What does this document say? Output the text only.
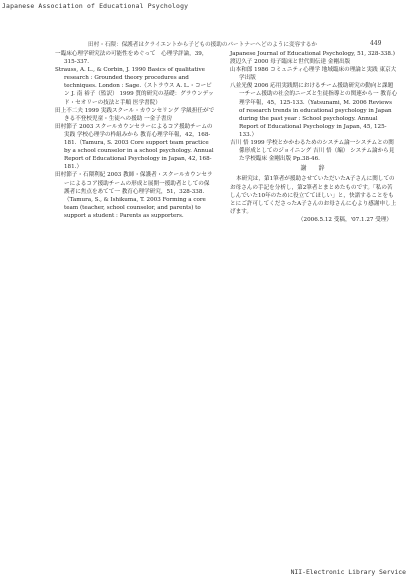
Japanese Association of Educational Psychology
田村・石隈：保護者はクライエントから子どもの援助のパートナーへどのように変容するか	449

一臨床心理学研究法の可能性をめぐって　心理学評論，39，315-337.

Strauss, A. L., & Corbin, J. 1990 Basics of qualitative research : Grounded theory procedures and techniques. London : Sage.（ストラウス A. L.・コービン J. 南 裕子（監訳） 1999 質的研究の基礎：グラウンデッド・セオリーの技法と手順 医学書院）

田上不二夫 1999 実践スクール・カウンセリング 学級担任ができる不登校児童・生徒への援助 一金子書房

田村節子 2003 スクールカウンセラーによるコア援助チームの実践 学校心理学の枠組みから 教育心理学年報，42，168-181.（Tamura, S. 2003 Core support team practice by a school counselor in a school psychology. Annual Report of Educational Psychology in Japan, 42, 168-181.）

田村節子・石隈利紀 2003 教師・保護者・スクールカウンセラーによるコア援助チームの形成と展開一援助者としての保護者に焦点をあてて一 教育心理学研究，51，328-338.（Tamura, S., & Ishikuma, T. 2003 Forming a core team (teacher, school counselor, and parents) to support a student : Parents as supporters.

Japanese Journal of Educational Psychology, 51, 328-338.)

渡辺久子 2000 母子臨床と世代間伝達 金剛出版

山本和郎 1986 コミュニティ心理学 地域臨床の理論と実践 東京大学出版

八並光俊 2006 応用実践期におけるチーム援助研究の動向と課題一チーム援助の社会的ニーズと生徒指導との関連から一 教育心理学年報，45，125-133.（Yatsunami, M. 2006 Reviews of research trends in educational psychology in Japan during the past year : School psychology. Annual Report of Educational Psychology in Japan, 45, 125-133.）

吉川 悟 1999 学校とかかわるためのシステム論一システムとの関係形成としてのジョイニング 吉川 悟（編） システム論から見た学校臨床 金剛出版 Pp.38-46.

謝　辞

本研究は，第1筆者が援助させていただいたA子さんに関してのお母さんの手記を分析し，第2筆者とまとめたものです。「私の苦しんでいた10年のために役立ててほしい」と，快諾することをもとにご許可してくださったA子さんのお母さんに心より感謝申し上げます。

（2006.5.12 受稿，'07.1.27 受理）

NII-Electronic Library Service
